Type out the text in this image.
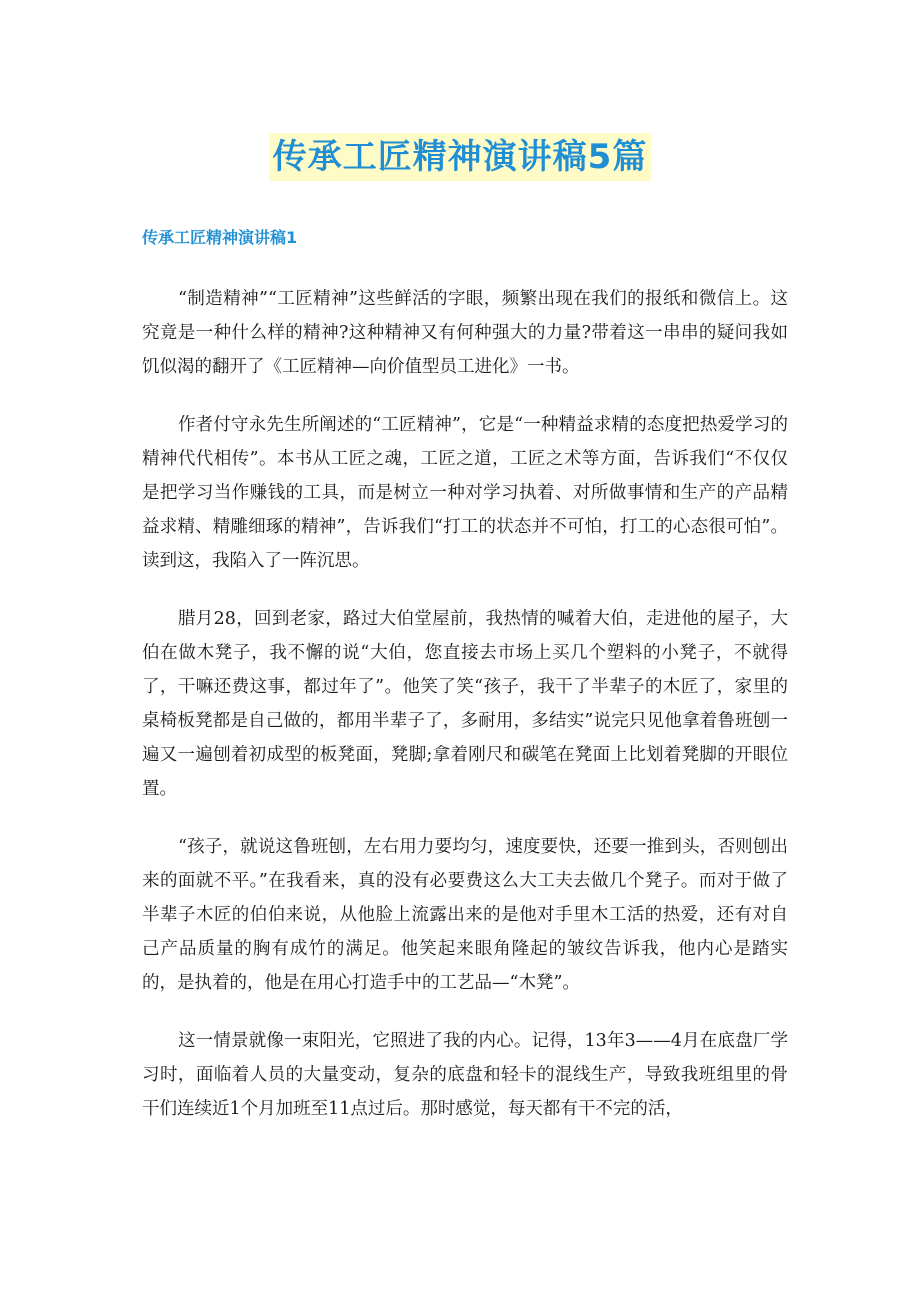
传承工匠精神演讲稿5篇
传承工匠精神演讲稿1

“制造精神”“工匠精神”这些鲜活的字眼，频繁出现在我们的报纸和微信上。这究竟是一种什么样的精神?这种精神又有何种强大的力量?带着这一串串的疑问我如饥似渴的翻开了《工匠精神—向价值型员工进化》一书。

作者付守永先生所阐述的“工匠精神”，它是“一种精益求精的态度把热爱学习的精神代代相传”。本书从工匠之魂，工匠之道，工匠之术等方面，告诉我们“不仅仅是把学习当作赚钱的工具，而是树立一种对学习执着、对所做事情和生产的产品精益求精、精雕细琢的精神”，告诉我们“打工的状态并不可怕，打工的心态很可怕”。读到这，我陷入了一阵沉思。

腊月28，回到老家，路过大伯堂屋前，我热情的喊着大伯，走进他的屋子，大伯在做木凳子，我不懈的说“大伯，您直接去市场上买几个塑料的小凳子，不就得了，干嘛还费这事，都过年了”。他笑了笑“孩子，我干了半辈子的木匠了，家里的桌椅板凳都是自己做的，都用半辈子了，多耐用，多结实”说完只见他拿着鲁班刨一遍又一遍刨着初成型的板凳面，凳脚;拿着刚尺和碳笔在凳面上比划着凳脚的开眼位置。

“孩子，就说这鲁班刨，左右用力要均匀，速度要快，还要一推到头，否则刨出来的面就不平。”在我看来，真的没有必要费这么大工夫去做几个凳子。而对于做了半辈子木匠的伯伯来说，从他脸上流露出来的是他对手里木工活的热爱，还有对自己产品质量的胸有成竹的满足。他笑起来眼角隆起的皱纹告诉我，他内心是踏实的，是执着的，他是在用心打造手中的工艺品—“木凳”。

这一情景就像一束阳光，它照进了我的内心。记得，13年3——4月在底盘厂学习时，面临着人员的大量变动，复杂的底盘和轻卡的混线生产，导致我班组里的骨干们连续近1个月加班至11点过后。那时感觉，每天都有干不完的活，
